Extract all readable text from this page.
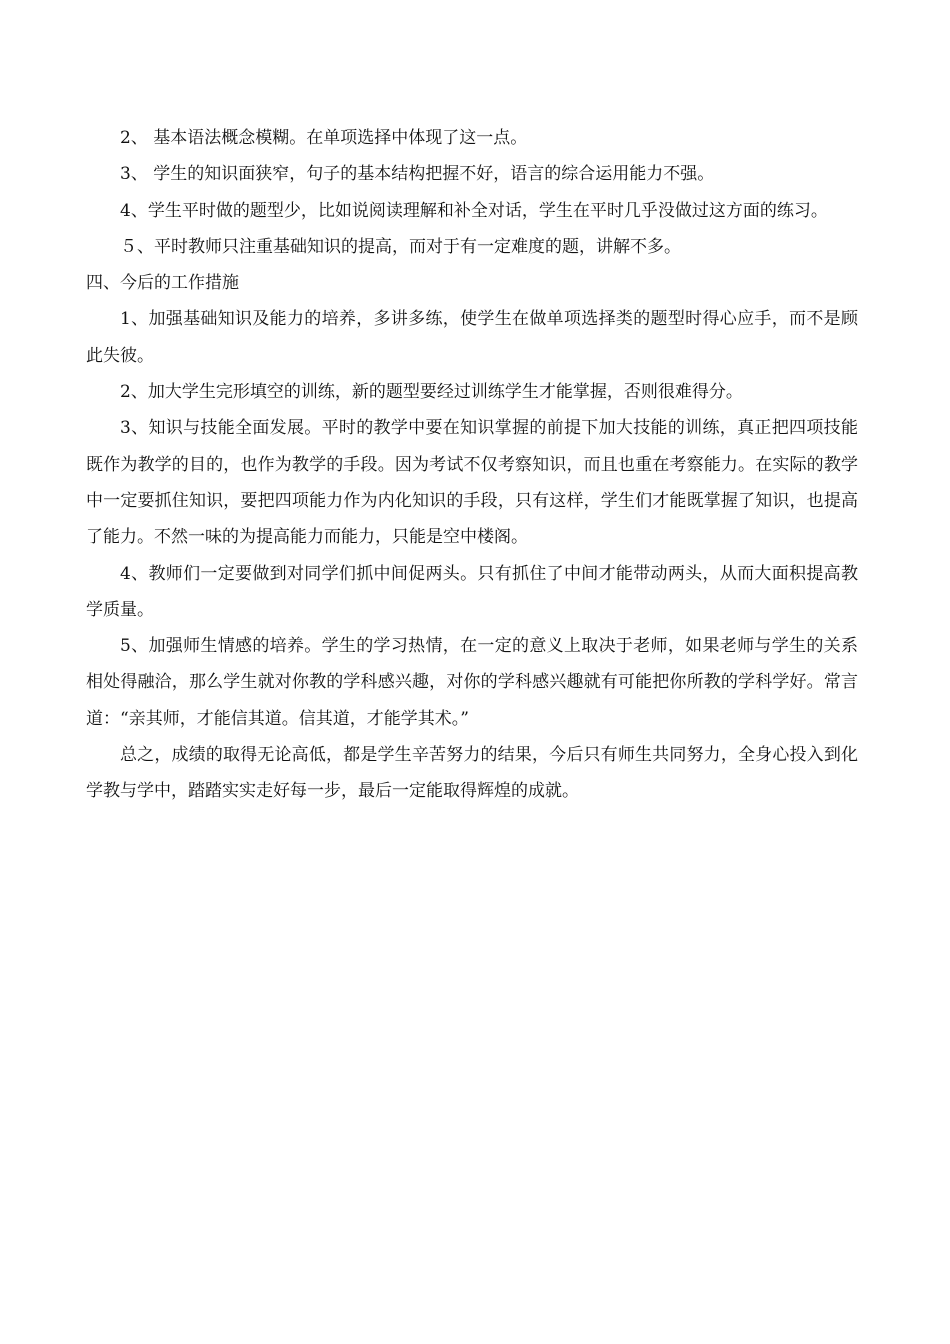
2、 基本语法概念模糊。在单项选择中体现了这一点。

3、 学生的知识面狭窄，句子的基本结构把握不好，语言的综合运用能力不强。

4、学生平时做的题型少，比如说阅读理解和补全对话，学生在平时几乎没做过这方面的练习。

５、平时教师只注重基础知识的提高，而对于有一定难度的题，讲解不多。

四、今后的工作措施

1、加强基础知识及能力的培养，多讲多练，使学生在做单项选择类的题型时得心应手，而不是顾此失彼。

2、加大学生完形填空的训练，新的题型要经过训练学生才能掌握，否则很难得分。

3、知识与技能全面发展。平时的教学中要在知识掌握的前提下加大技能的训练，真正把四项技能既作为教学的目的，也作为教学的手段。因为考试不仅考察知识，而且也重在考察能力。在实际的教学中一定要抓住知识，要把四项能力作为内化知识的手段，只有这样，学生们才能既掌握了知识，也提高了能力。不然一味的为提高能力而能力，只能是空中楼阁。

4、教师们一定要做到对同学们抓中间促两头。只有抓住了中间才能带动两头，从而大面积提高教学质量。

5、加强师生情感的培养。学生的学习热情，在一定的意义上取决于老师，如果老师与学生的关系相处得融洽，那么学生就对你教的学科感兴趣，对你的学科感兴趣就有可能把你所教的学科学好。常言道：“亲其师，才能信其道。信其道，才能学其术。”

总之，成绩的取得无论高低，都是学生辛苦努力的结果，今后只有师生共同努力，全身心投入到化学教与学中，踏踏实实走好每一步，最后一定能取得辉煌的成就。
